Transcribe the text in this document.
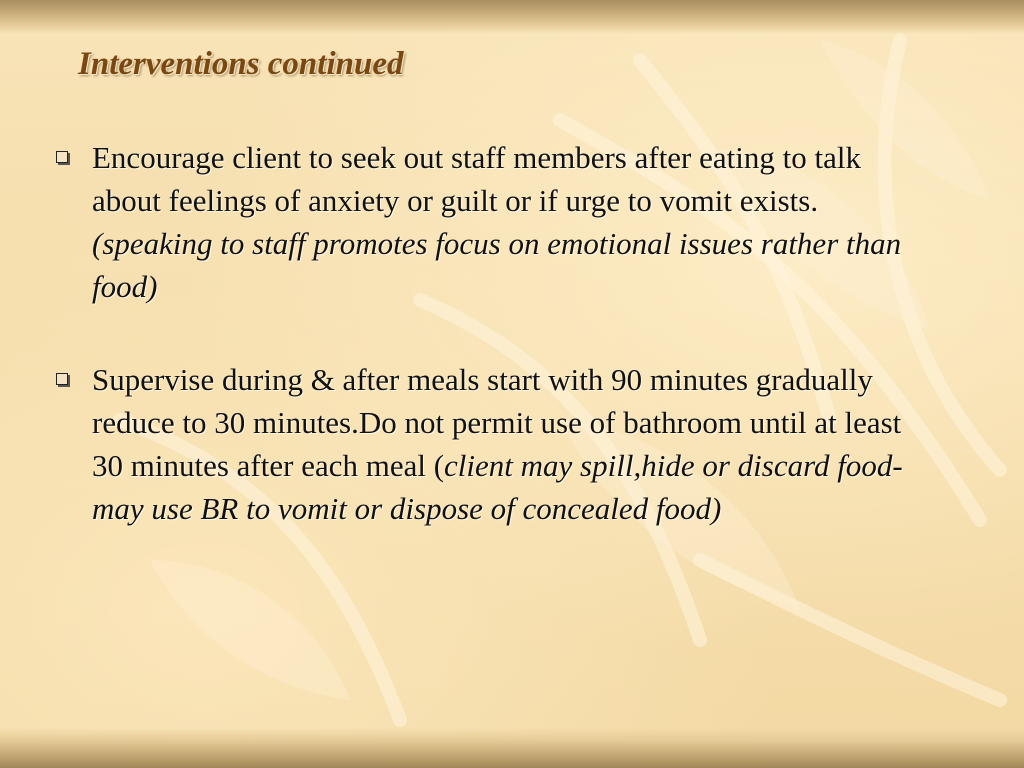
Interventions continued
Encourage client to seek out staff members after eating to talk about feelings of anxiety or guilt or if urge to vomit exists.(speaking to staff promotes focus on emotional issues rather than food)
Supervise during & after meals start with 90 minutes gradually reduce to 30 minutes.Do not permit use of bathroom until at least 30 minutes after each meal (client may spill,hide or discard food-may use BR to vomit or dispose of concealed food)
